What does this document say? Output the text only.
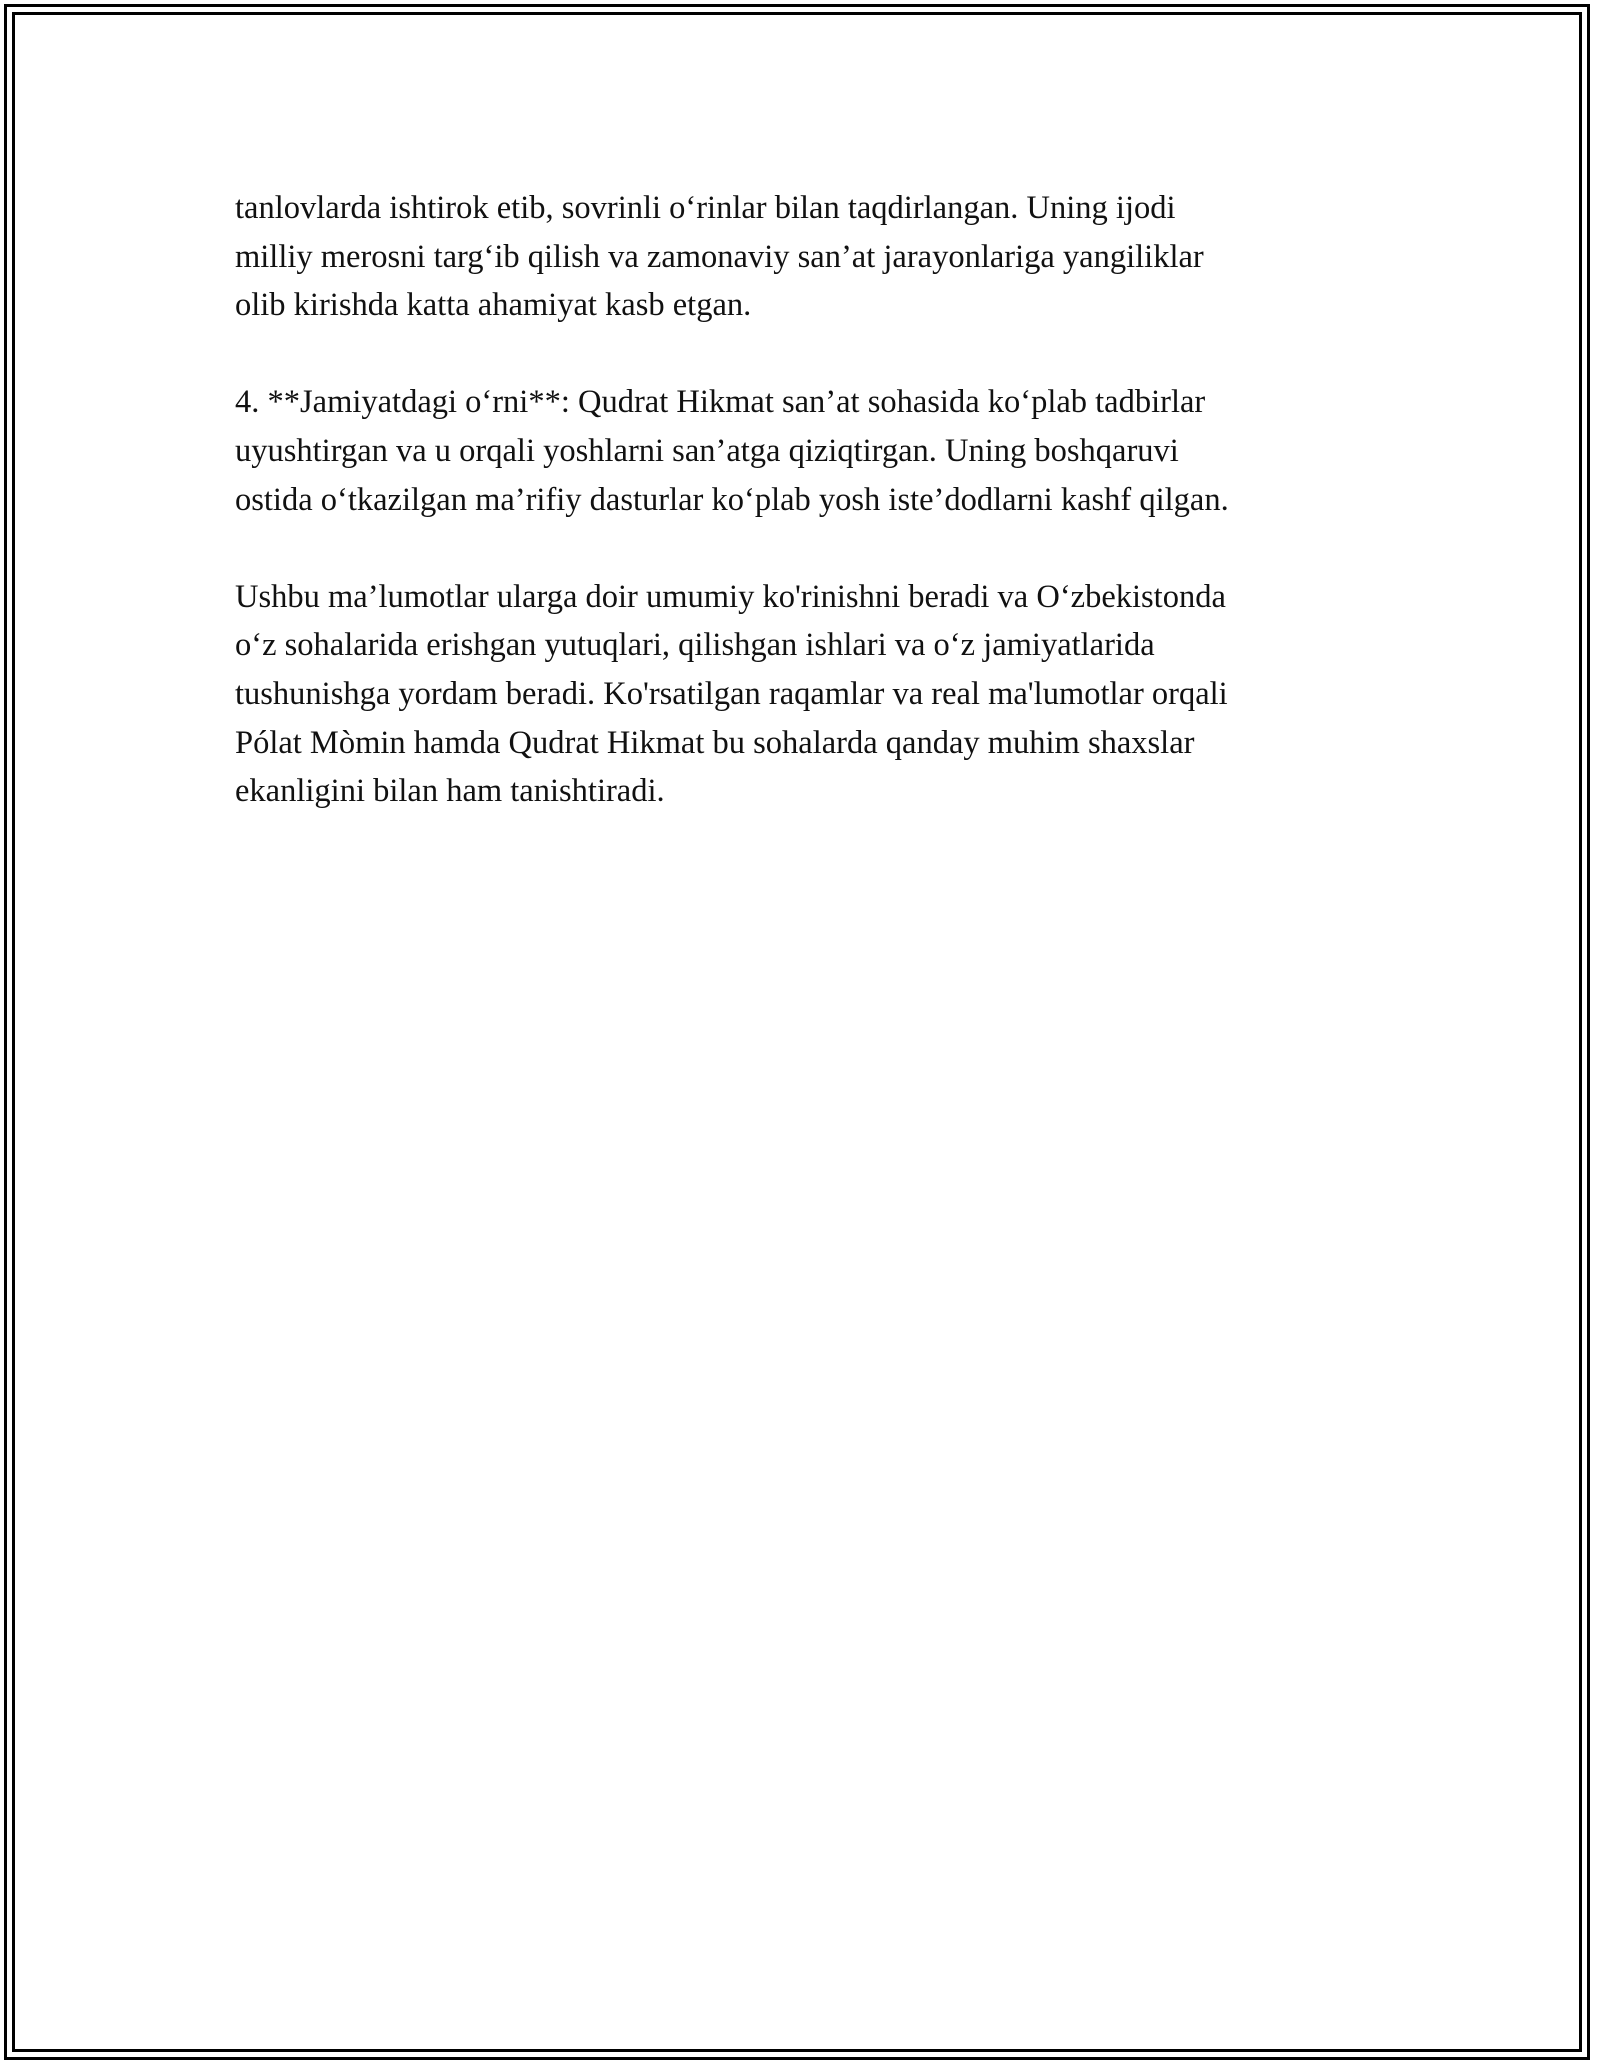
tanlovlarda ishtirok etib, sovrinli o‘rinlar bilan taqdirlangan. Uning ijodi
milliy merosni targ‘ib qilish va zamonaviy san’at jarayonlariga yangiliklar
olib kirishda katta ahamiyat kasb etgan.

4. **Jamiyatdagi o‘rni**: Qudrat Hikmat san’at sohasida ko‘plab tadbirlar
uyushtirgan va u orqali yoshlarni san’atga qiziqtirgan. Uning boshqaruvi
ostida o‘tkazilgan ma’rifiy dasturlar ko‘plab yosh iste’dodlarni kashf qilgan.

Ushbu ma’lumotlar ularga doir umumiy ko'rinishni beradi va O‘zbekistonda
o‘z sohalarida erishgan yutuqlari, qilishgan ishlari va o‘z jamiyatlarida
tushunishga yordam beradi. Ko'rsatilgan raqamlar va real ma'lumotlar orqali
Pólat Mòmin hamda Qudrat Hikmat bu sohalarda qanday muhim shaxslar
ekanligini bilan ham tanishtiradi.
